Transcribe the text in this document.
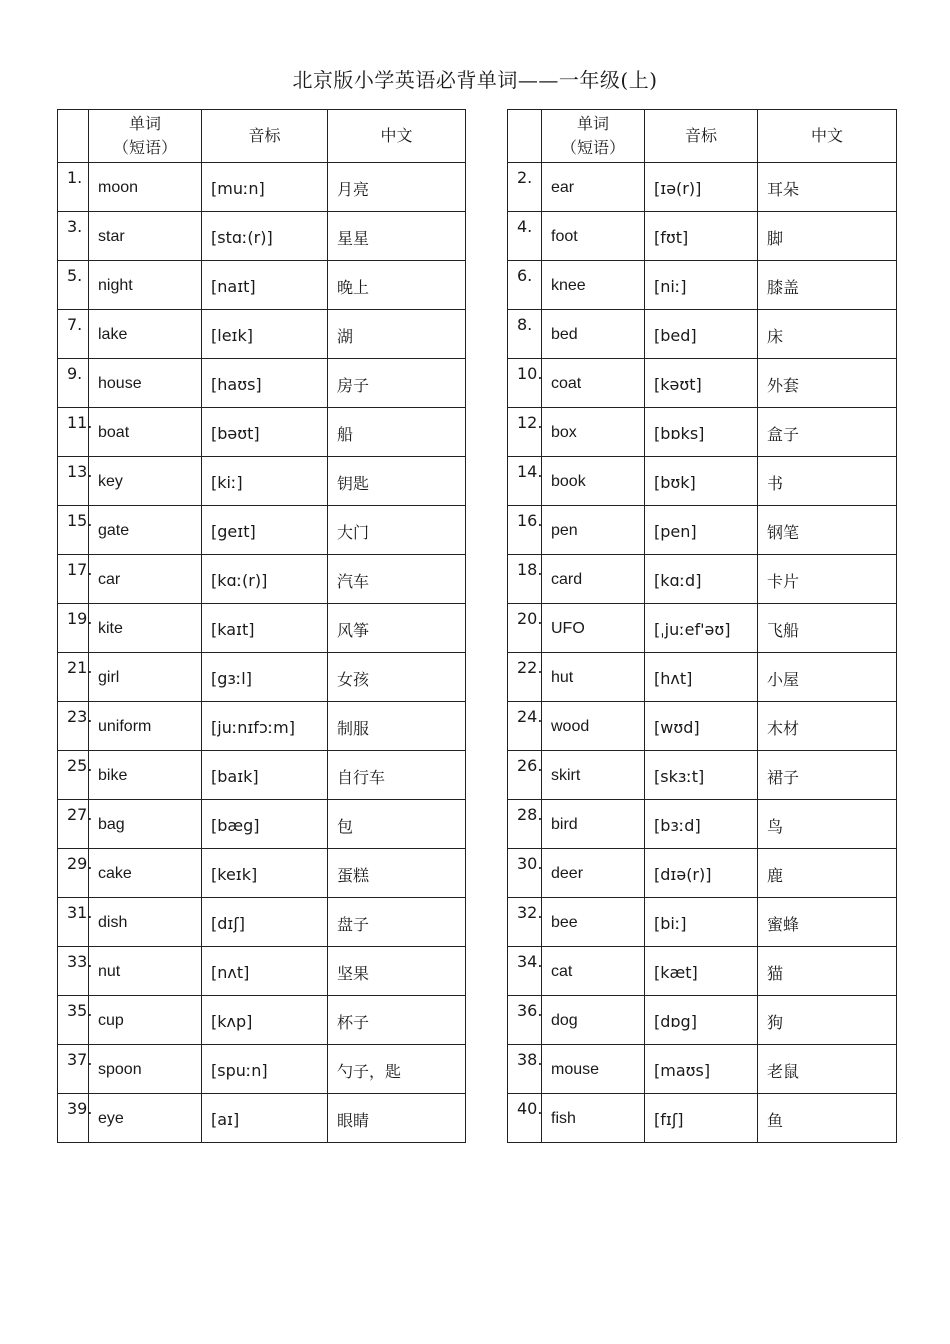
北京版小学英语必背单词——一年级(上)

	单词
（短语）	音标	中文
1.	moon	[muːn]	月亮
3.	star	[stɑː(r)]	星星
5.	night	[naɪt]	晚上
7.	lake	[leɪk]	湖
9.	house	[haʊs]	房子
11.	boat	[bəʊt]	船
13.	key	[kiː]	钥匙
15.	gate	[geɪt]	大门
17.	car	[kɑː(r)]	汽车
19.	kite	[kaɪt]	风筝
21.	girl	[gɜːl]	女孩
23.	uniform	[juːnɪfɔːm]	制服
25.	bike	[baɪk]	自行车
27.	bag	[bæg]	包
29.	cake	[keɪk]	蛋糕
31.	dish	[dɪʃ]	盘子
33.	nut	[nʌt]	坚果
35.	cup	[kʌp]	杯子
37.	spoon	[spuːn]	勺子，匙
39.	eye	[aɪ]	眼睛

	单词
（短语）	音标	中文
2.	ear	[ɪə(r)]	耳朵
4.	foot	[fʊt]	脚
6.	knee	[niː]	膝盖
8.	bed	[bed]	床
10.	coat	[kəʊt]	外套
12.	box	[bɒks]	盒子
14.	book	[bʊk]	书
16.	pen	[pen]	钢笔
18.	card	[kɑːd]	卡片
20.	UFO	[ˌjuːef'əʊ]	飞船
22.	hut	[hʌt]	小屋
24.	wood	[wʊd]	木材
26.	skirt	[skɜːt]	裙子
28.	bird	[bɜːd]	鸟
30.	deer	[dɪə(r)]	鹿
32.	bee	[biː]	蜜蜂
34.	cat	[kæt]	猫
36.	dog	[dɒg]	狗
38.	mouse	[maʊs]	老鼠
40.	fish	[fɪʃ]	鱼
